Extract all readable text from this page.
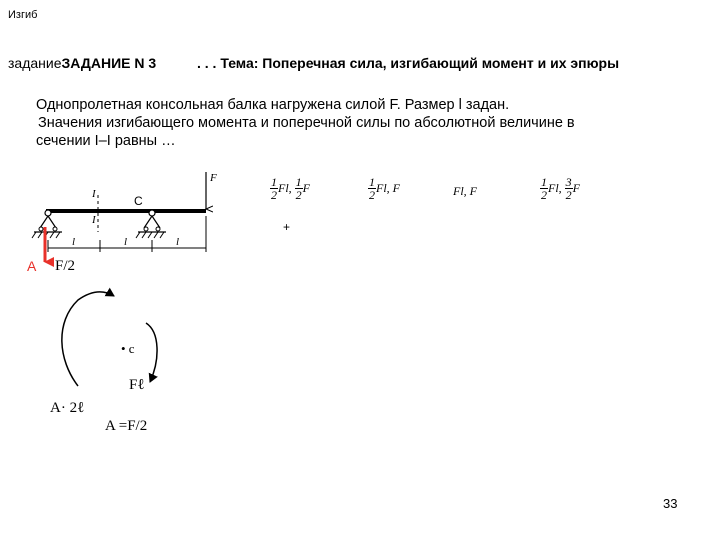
Изгиб
заданиеЗАДАНИЕ N 3	. . . Тема: Поперечная сила, изгибающий момент и их эпюры
Однопролетная консольная балка нагружена силой F. Размер l задан.
Значения изгибающего момента и поперечной силы по абсолютной величине в
сечении I–I равны …
$\frac{1}{2} Fl$, $\frac{1}{2}$ F	$\frac{1}{2} Fl$, F	Fl, F	$\frac{1}{2} Fl$, $\frac{3}{2}$ F
F
I
I
C
l	l	l
+
A F/2
• c
Fℓ
A· 2ℓ
A =F/2
33
